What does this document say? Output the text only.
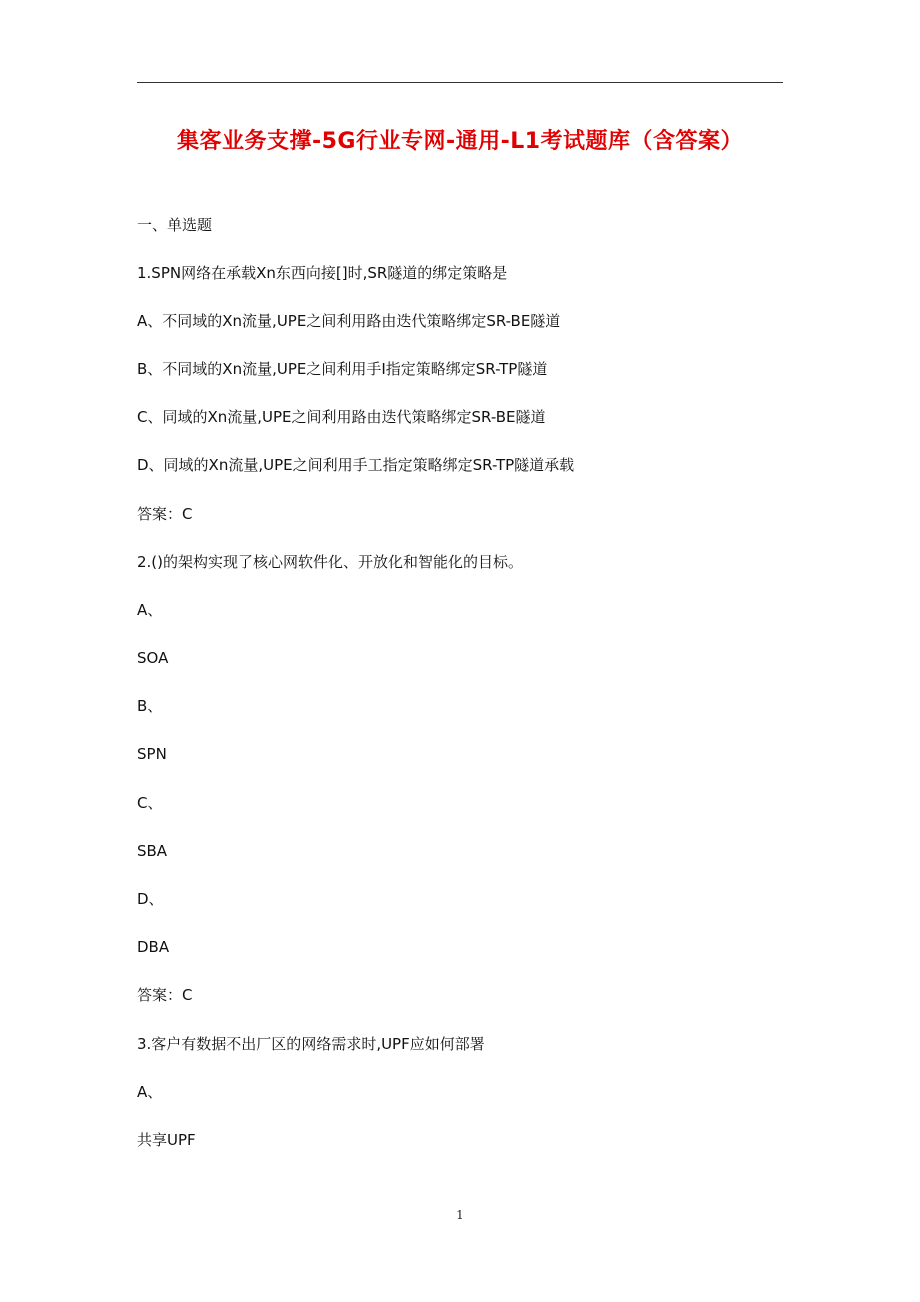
集客业务支撑-5G行业专网-通用-L1考试题库（含答案）
一、单选题
1.SPN网络在承载Xn东西向接[]时,SR隧道的绑定策略是
A、不同域的Xn流量,UPE之间利用路由迭代策略绑定SR-BE隧道
B、不同域的Xn流量,UPE之间利用手I指定策略绑定SR-TP隧道
C、同域的Xn流量,UPE之间利用路由迭代策略绑定SR-BE隧道
D、同域的Xn流量,UPE之间利用手工指定策略绑定SR-TP隧道承载
答案：C
2.()的架构实现了核心网软件化、开放化和智能化的目标。
A、
SOA
B、
SPN
C、
SBA
D、
DBA
答案：C
3.客户有数据不出厂区的网络需求时,UPF应如何部署
A、
共享UPF
1
